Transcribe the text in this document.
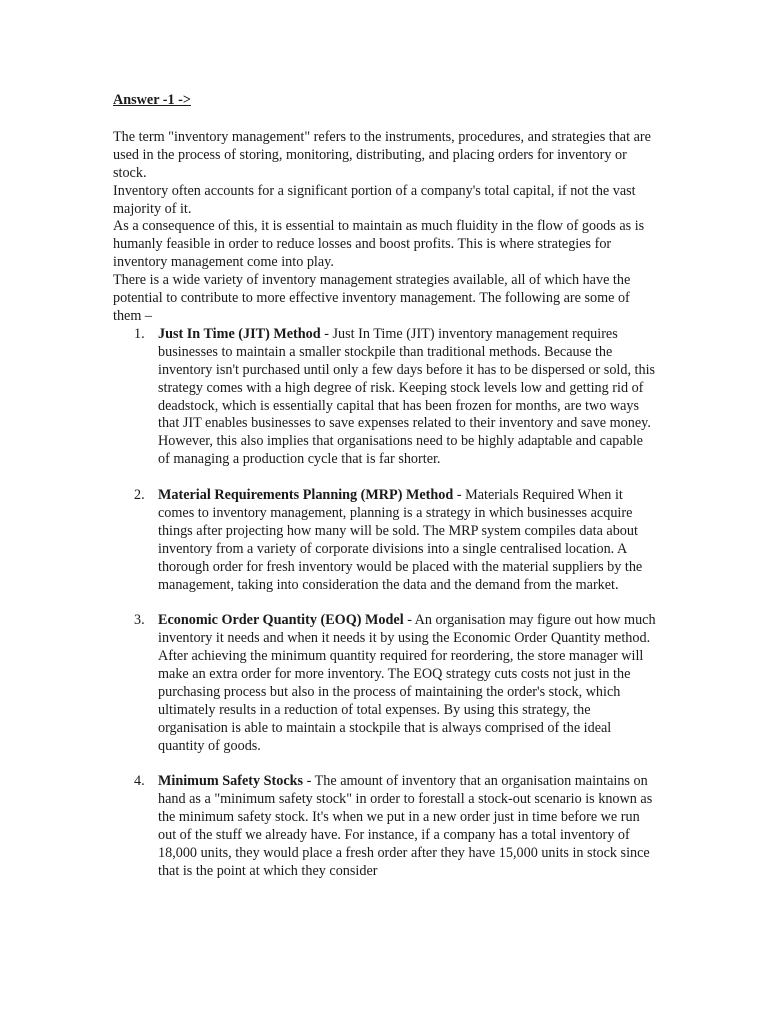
Answer -1 ->

The term "inventory management" refers to the instruments, procedures, and strategies that are used in the process of storing, monitoring, distributing, and placing orders for inventory or stock.

Inventory often accounts for a significant portion of a company's total capital, if not the vast majority of it.

As a consequence of this, it is essential to maintain as much fluidity in the flow of goods as is humanly feasible in order to reduce losses and boost profits. This is where strategies for inventory management come into play.

There is a wide variety of inventory management strategies available, all of which have the potential to contribute to more effective inventory management. The following are some of them –

1. Just In Time (JIT) Method - Just In Time (JIT) inventory management requires businesses to maintain a smaller stockpile than traditional methods. Because the inventory isn't purchased until only a few days before it has to be dispersed or sold, this strategy comes with a high degree of risk. Keeping stock levels low and getting rid of deadstock, which is essentially capital that has been frozen for months, are two ways that JIT enables businesses to save expenses related to their inventory and save money. However, this also implies that organisations need to be highly adaptable and capable of managing a production cycle that is far shorter.
2. Material Requirements Planning (MRP) Method - Materials Required When it comes to inventory management, planning is a strategy in which businesses acquire things after projecting how many will be sold. The MRP system compiles data about inventory from a variety of corporate divisions into a single centralised location. A thorough order for fresh inventory would be placed with the material suppliers by the management, taking into consideration the data and the demand from the market.
3. Economic Order Quantity (EOQ) Model - An organisation may figure out how much inventory it needs and when it needs it by using the Economic Order Quantity method. After achieving the minimum quantity required for reordering, the store manager will make an extra order for more inventory. The EOQ strategy cuts costs not just in the purchasing process but also in the process of maintaining the order's stock, which ultimately results in a reduction of total expenses. By using this strategy, the organisation is able to maintain a stockpile that is always comprised of the ideal quantity of goods.
4. Minimum Safety Stocks - The amount of inventory that an organisation maintains on hand as a "minimum safety stock" in order to forestall a stock-out scenario is known as the minimum safety stock. It's when we put in a new order just in time before we run out of the stuff we already have. For instance, if a company has a total inventory of 18,000 units, they would place a fresh order after they have 15,000 units in stock since that is the point at which they consider
